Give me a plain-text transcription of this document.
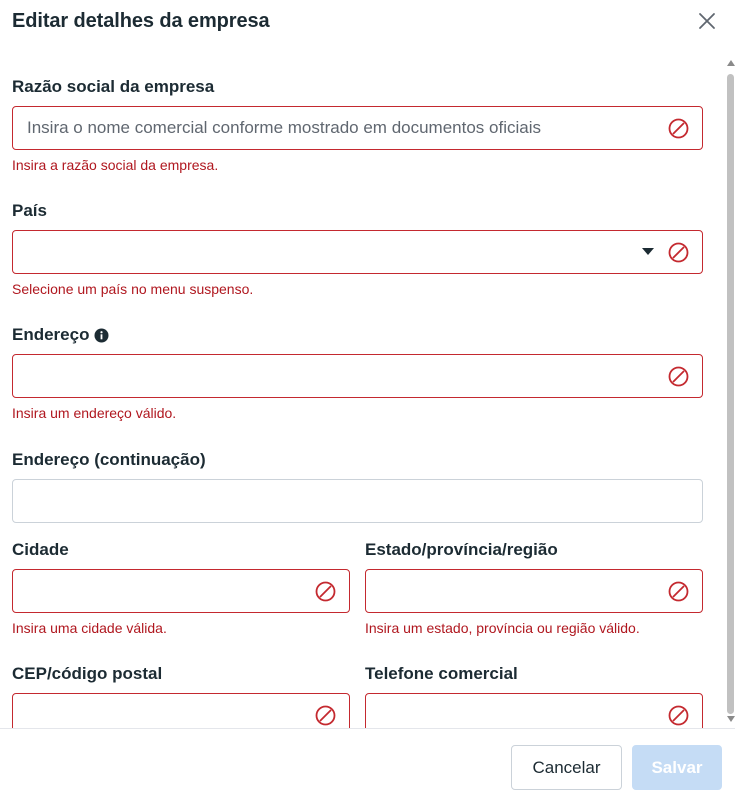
Editar detalhes da empresa
Razão social da empresa
Insira o nome comercial conforme mostrado em documentos oficiais
Insira a razão social da empresa.
País
Selecione um país no menu suspenso.
Endereço
Insira um endereço válido.
Endereço (continuação)
Cidade
Insira uma cidade válida.
Estado/província/região
Insira um estado, província ou região válido.
CEP/código postal	Telefone comercial
Cancelar	Salvar
